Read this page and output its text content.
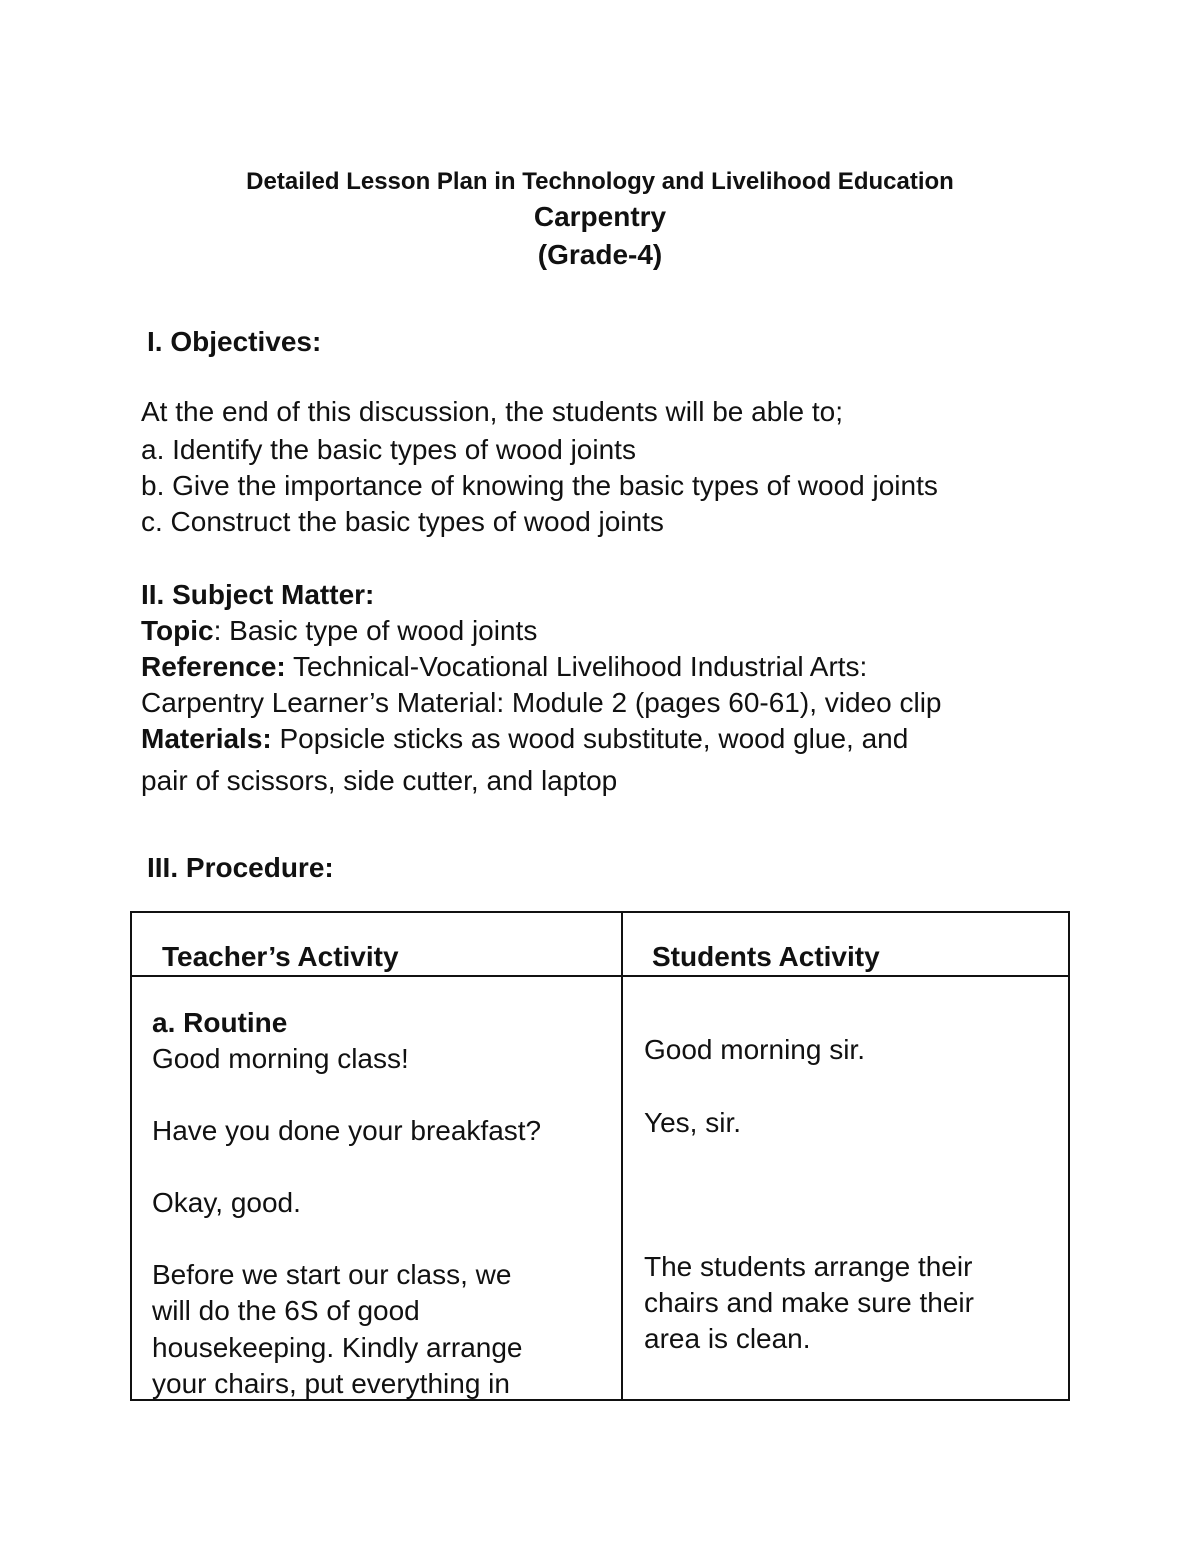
Detailed Lesson Plan in Technology and Livelihood Education
Carpentry
(Grade-4)
I. Objectives:
At the end of this discussion, the students will be able to;
a. Identify the basic types of wood joints
b. Give the importance of knowing the basic types of wood joints
c. Construct the basic types of wood joints
II. Subject Matter:
Topic: Basic type of wood joints
Reference: Technical-Vocational Livelihood Industrial Arts:
Carpentry Learner’s Material: Module 2 (pages 60-61), video clip
Materials: Popsicle sticks as wood substitute, wood glue, and
pair of scissors, side cutter, and laptop
III. Procedure:
Teacher’s Activity	Students Activity
a. Routine
Good morning class!
Have you done your breakfast?
Okay, good.
Before we start our class, we
will do the 6S of good
housekeeping. Kindly arrange
your chairs, put everything in
Good morning sir.
Yes, sir.
The students arrange their
chairs and make sure their
area is clean.
